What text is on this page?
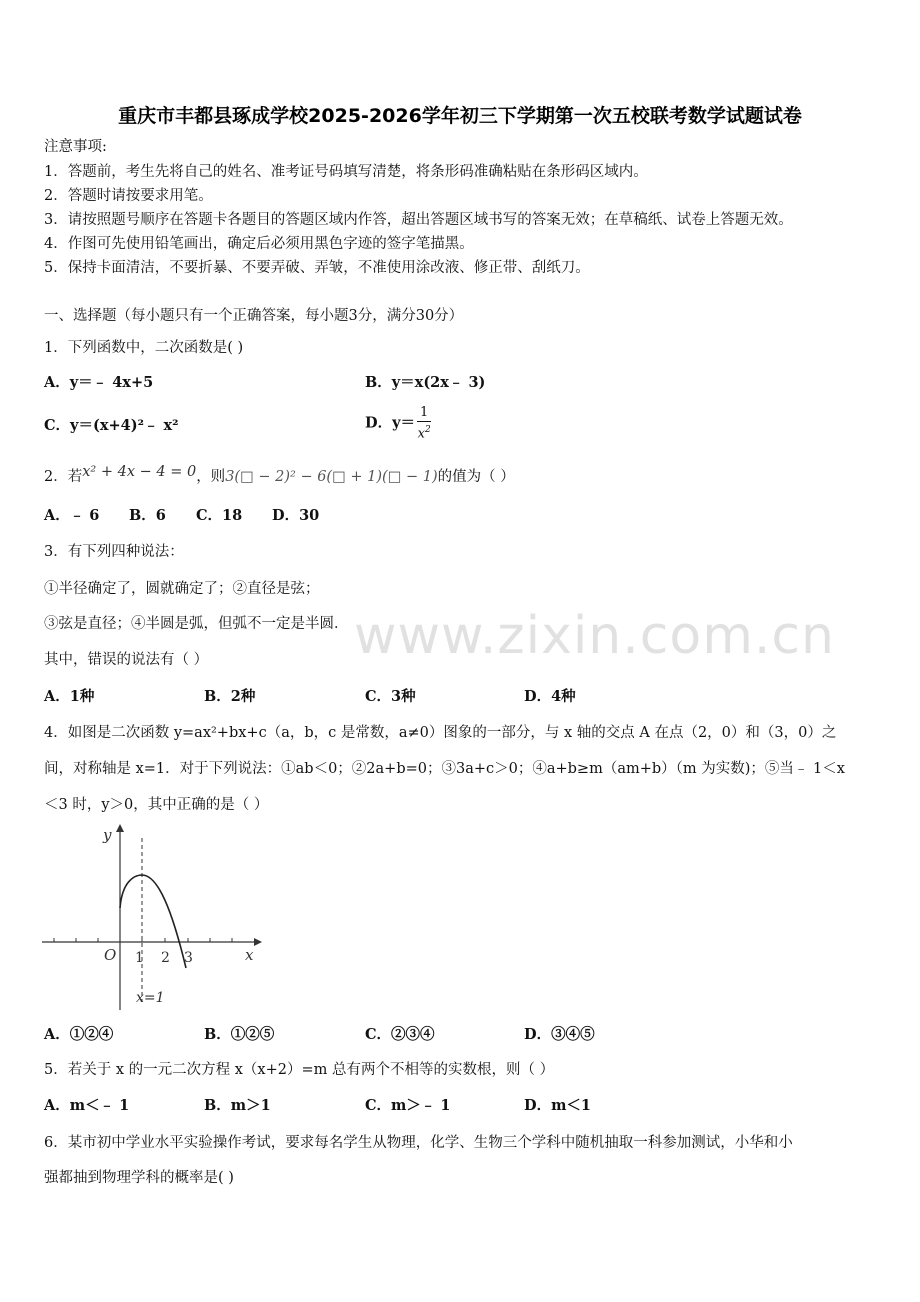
重庆市丰都县琢成学校2025-2026学年初三下学期第一次五校联考数学试题试卷
注意事项:
1．答题前，考生先将自己的姓名、准考证号码填写清楚，将条形码准确粘贴在条形码区域内。
2．答题时请按要求用笔。
3．请按照题号顺序在答题卡各题目的答题区域内作答，超出答题区域书写的答案无效；在草稿纸、试卷上答题无效。
4．作图可先使用铅笔画出，确定后必须用黑色字迹的签字笔描黑。
5．保持卡面清洁，不要折暴、不要弄破、弄皱，不准使用涂改液、修正带、刮纸刀。
一、选择题（每小题只有一个正确答案，每小题3分，满分30分）
1．下列函数中，二次函数是( )
A．y＝﹣ 4x+5	B．y＝x(2x﹣ 3)
C．y＝(x+4)²﹣ x²	D．$y= \frac{1}{x^2}$
2．若x² + 4x − 4 = 0，则3(□ − 2)² − 6(□ + 1)(□ − 1)的值为（ ）
A．﹣ 6 B．6 C．18 D．30
3．有下列四种说法：
①半径确定了，圆就确定了；②直径是弦；
③弦是直径；④半圆是弧，但弧不一定是半圆．
其中，错误的说法有（ ）
A．1种	B．2种	C．3种	D．4种
4．如图是二次函数 y=ax²+bx+c（a，b，c 是常数，a≠0）图象的一部分，与 x 轴的交点 A 在点（2，0）和（3，0）之
间，对称轴是 x=1．对于下列说法：①ab＜0；②2a+b=0；③3a+c＞0；④a+b≥m（am+b）（m 为实数)；⑤当﹣ 1＜x
＜3 时，y＞0，其中正确的是（ ）
y
x
O 1 2 3
x=1
A．①②④	B．①②⑤	C．②③④	D．③④⑤
5．若关于 x 的一元二次方程 x（x+2）=m 总有两个不相等的实数根，则（ ）
A．m＜﹣ 1	B．m＞1	C．m＞﹣ 1	D．m＜1
6．某市初中学业水平实验操作考试，要求每名学生从物理，化学、生物三个学科中随机抽取一科参加测试，小华和小
强都抽到物理学科的概率是( )
www.zixin.com.cn
